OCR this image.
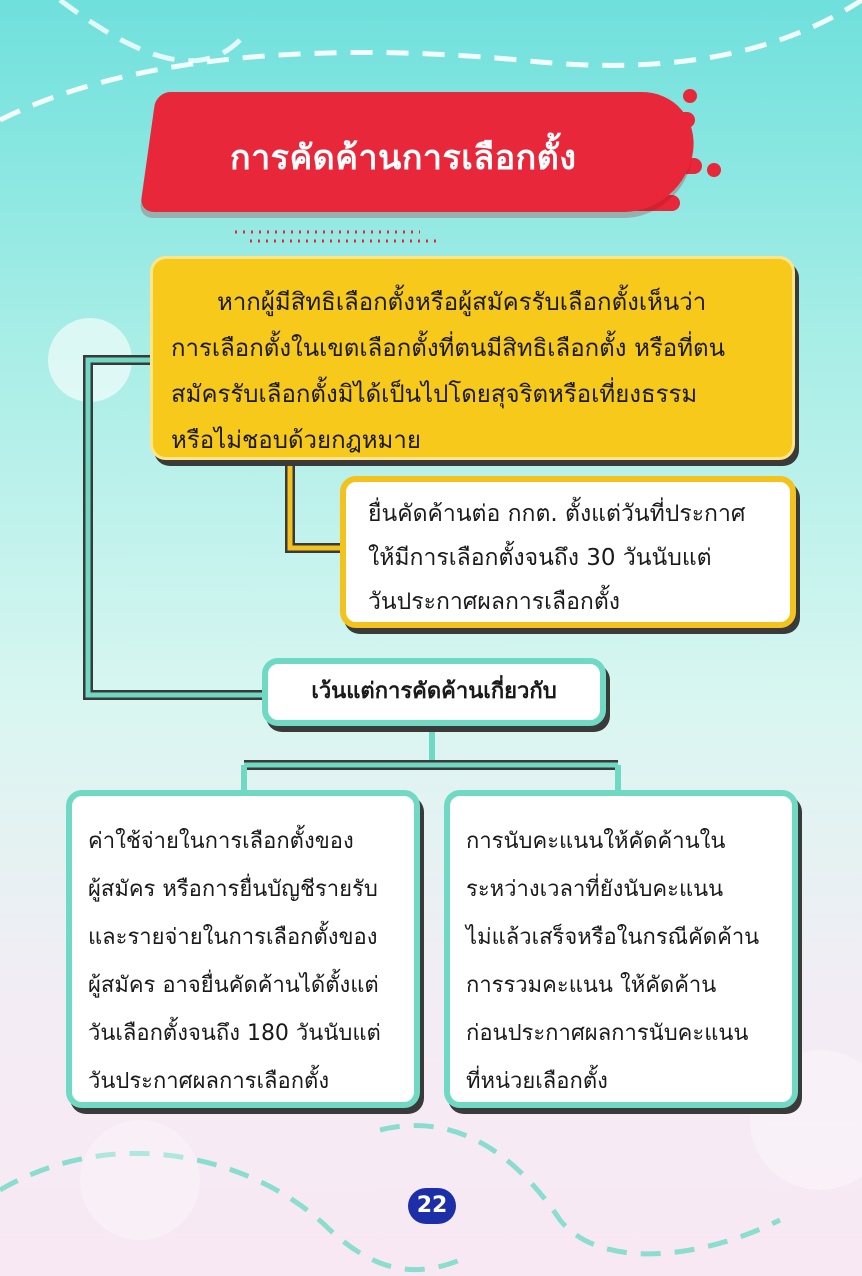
การคัดค้านการเลือกตั้ง
หากผู้มีสิทธิเลือกตั้งหรือผู้สมัครรับเลือกตั้งเห็นว่า
การเลือกตั้งในเขตเลือกตั้งที่ตนมีสิทธิเลือกตั้ง หรือที่ตน
สมัครรับเลือกตั้งมิได้เป็นไปโดยสุจริตหรือเที่ยงธรรม
หรือไม่ชอบด้วยกฎหมาย
ยื่นคัดค้านต่อ กกต. ตั้งแต่วันที่ประกาศ
ให้มีการเลือกตั้งจนถึง 30 วันนับแต่
วันประกาศผลการเลือกตั้ง
เว้นแต่การคัดค้านเกี่ยวกับ
ค่าใช้จ่ายในการเลือกตั้งของ
ผู้สมัคร หรือการยื่นบัญชีรายรับ
และรายจ่ายในการเลือกตั้งของ
ผู้สมัคร อาจยื่นคัดค้านได้ตั้งแต่
วันเลือกตั้งจนถึง 180 วันนับแต่
วันประกาศผลการเลือกตั้ง
การนับคะแนนให้คัดค้านใน
ระหว่างเวลาที่ยังนับคะแนน
ไม่แล้วเสร็จหรือในกรณีคัดค้าน
การรวมคะแนน ให้คัดค้าน
ก่อนประกาศผลการนับคะแนน
ที่หน่วยเลือกตั้ง
22
